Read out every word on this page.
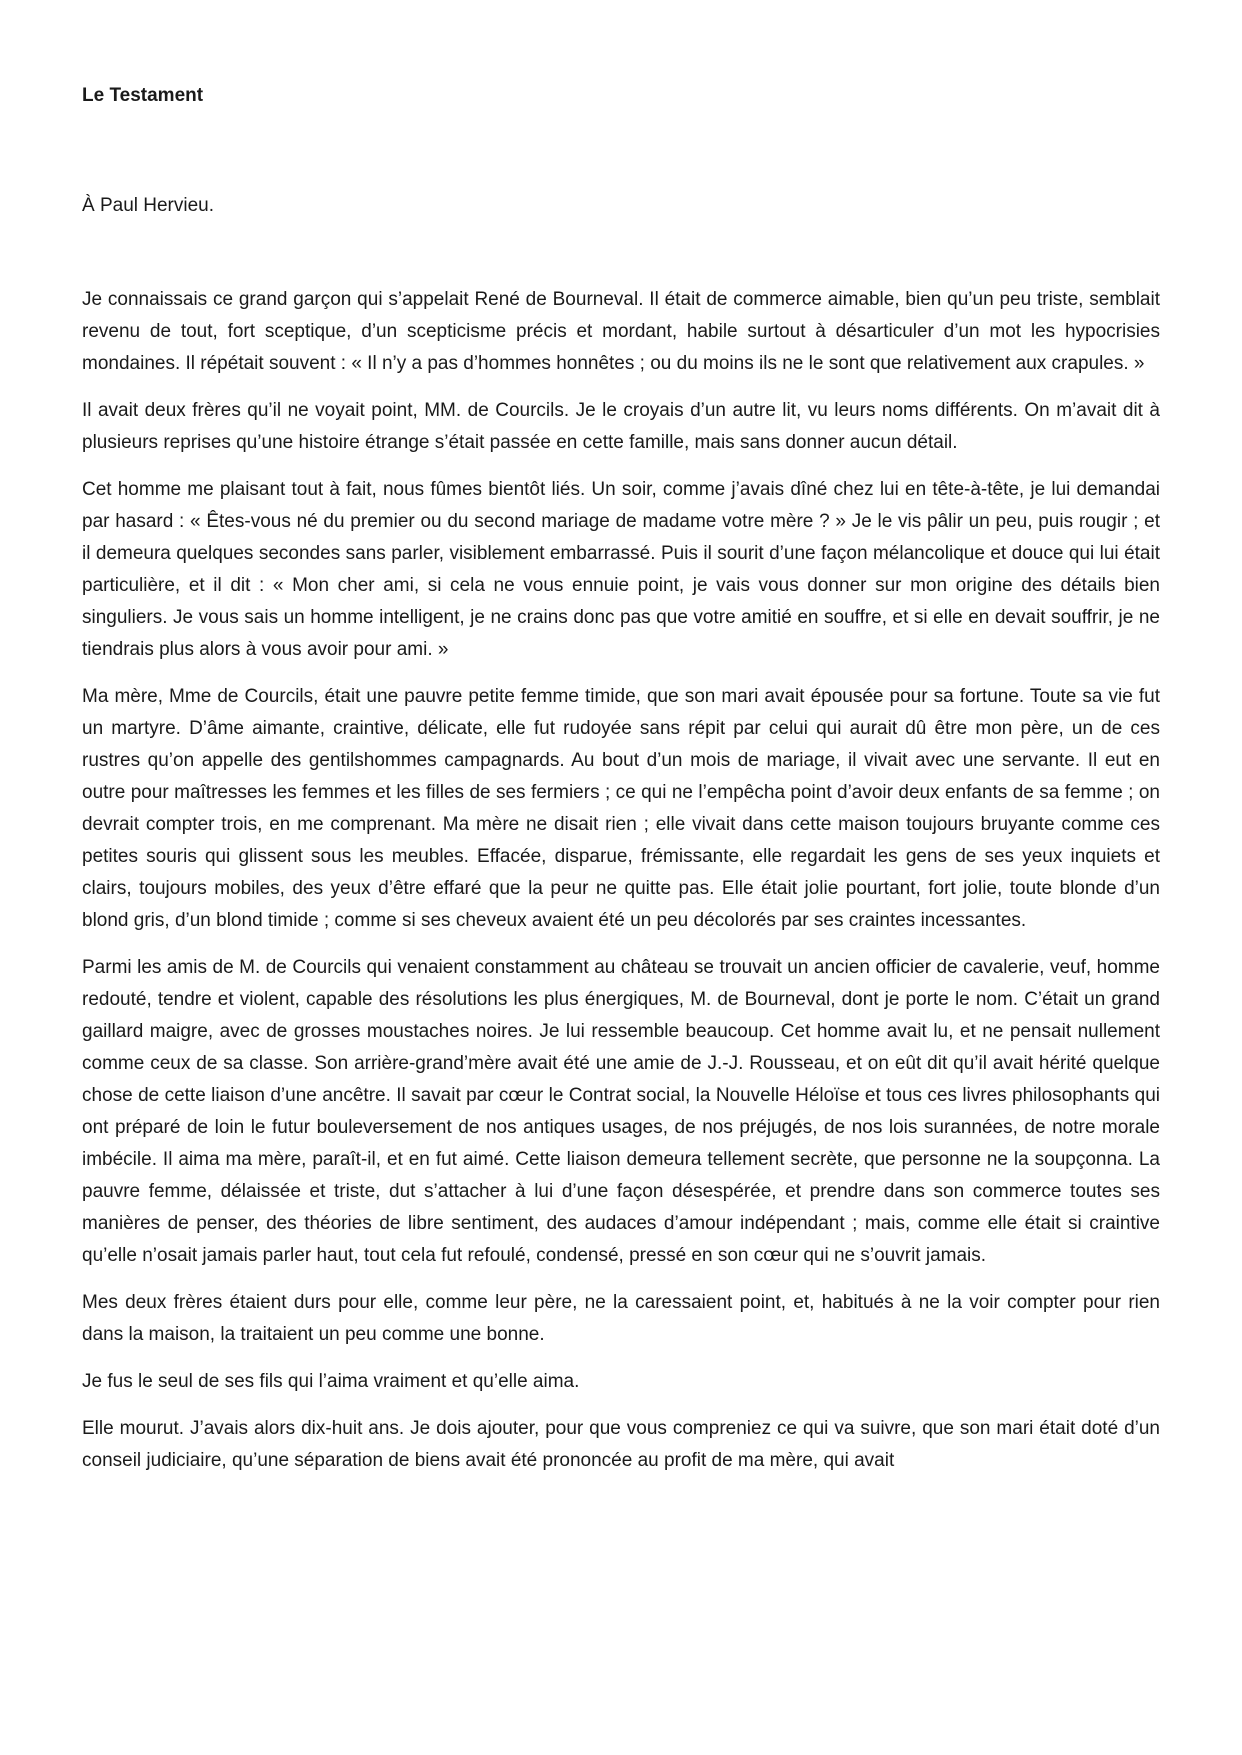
Le Testament

À Paul Hervieu.

Je connaissais ce grand garçon qui s’appelait René de Bourneval. Il était de commerce aimable, bien qu’un peu triste, semblait revenu de tout, fort sceptique, d’un scepticisme précis et mordant, habile surtout à désarticuler d’un mot les hypocrisies mondaines. Il répétait souvent : « Il n’y a pas d’hommes honnêtes ; ou du moins ils ne le sont que relativement aux crapules. »

Il avait deux frères qu’il ne voyait point, MM. de Courcils. Je le croyais d’un autre lit, vu leurs noms différents. On m’avait dit à plusieurs reprises qu’une histoire étrange s’était passée en cette famille, mais sans donner aucun détail.

Cet homme me plaisant tout à fait, nous fûmes bientôt liés. Un soir, comme j’avais dîné chez lui en tête-à-tête, je lui demandai par hasard : « Êtes-vous né du premier ou du second mariage de madame votre mère ? » Je le vis pâlir un peu, puis rougir ; et il demeura quelques secondes sans parler, visiblement embarrassé. Puis il sourit d’une façon mélancolique et douce qui lui était particulière, et il dit : « Mon cher ami, si cela ne vous ennuie point, je vais vous donner sur mon origine des détails bien singuliers. Je vous sais un homme intelligent, je ne crains donc pas que votre amitié en souffre, et si elle en devait souffrir, je ne tiendrais plus alors à vous avoir pour ami. »

Ma mère, Mme de Courcils, était une pauvre petite femme timide, que son mari avait épousée pour sa fortune. Toute sa vie fut un martyre. D’âme aimante, craintive, délicate, elle fut rudoyée sans répit par celui qui aurait dû être mon père, un de ces rustres qu’on appelle des gentilshommes campagnards. Au bout d’un mois de mariage, il vivait avec une servante. Il eut en outre pour maîtresses les femmes et les filles de ses fermiers ; ce qui ne l’empêcha point d’avoir deux enfants de sa femme ; on devrait compter trois, en me comprenant. Ma mère ne disait rien ; elle vivait dans cette maison toujours bruyante comme ces petites souris qui glissent sous les meubles. Effacée, disparue, frémissante, elle regardait les gens de ses yeux inquiets et clairs, toujours mobiles, des yeux d’être effaré que la peur ne quitte pas. Elle était jolie pourtant, fort jolie, toute blonde d’un blond gris, d’un blond timide ; comme si ses cheveux avaient été un peu décolorés par ses craintes incessantes.

Parmi les amis de M. de Courcils qui venaient constamment au château se trouvait un ancien officier de cavalerie, veuf, homme redouté, tendre et violent, capable des résolutions les plus énergiques, M. de Bourneval, dont je porte le nom. C’était un grand gaillard maigre, avec de grosses moustaches noires. Je lui ressemble beaucoup. Cet homme avait lu, et ne pensait nullement comme ceux de sa classe. Son arrière-grand’mère avait été une amie de J.-J. Rousseau, et on eût dit qu’il avait hérité quelque chose de cette liaison d’une ancêtre. Il savait par cœur le Contrat social, la Nouvelle Héloïse et tous ces livres philosophants qui ont préparé de loin le futur bouleversement de nos antiques usages, de nos préjugés, de nos lois surannées, de notre morale imbécile. Il aima ma mère, paraît-il, et en fut aimé. Cette liaison demeura tellement secrète, que personne ne la soupçonna. La pauvre femme, délaissée et triste, dut s’attacher à lui d’une façon désespérée, et prendre dans son commerce toutes ses manières de penser, des théories de libre sentiment, des audaces d’amour indépendant ; mais, comme elle était si craintive qu’elle n’osait jamais parler haut, tout cela fut refoulé, condensé, pressé en son cœur qui ne s’ouvrit jamais.

Mes deux frères étaient durs pour elle, comme leur père, ne la caressaient point, et, habitués à ne la voir compter pour rien dans la maison, la traitaient un peu comme une bonne.

Je fus le seul de ses fils qui l’aima vraiment et qu’elle aima.

Elle mourut. J’avais alors dix-huit ans. Je dois ajouter, pour que vous compreniez ce qui va suivre, que son mari était doté d’un conseil judiciaire, qu’une séparation de biens avait été prononcée au profit de ma mère, qui avait
